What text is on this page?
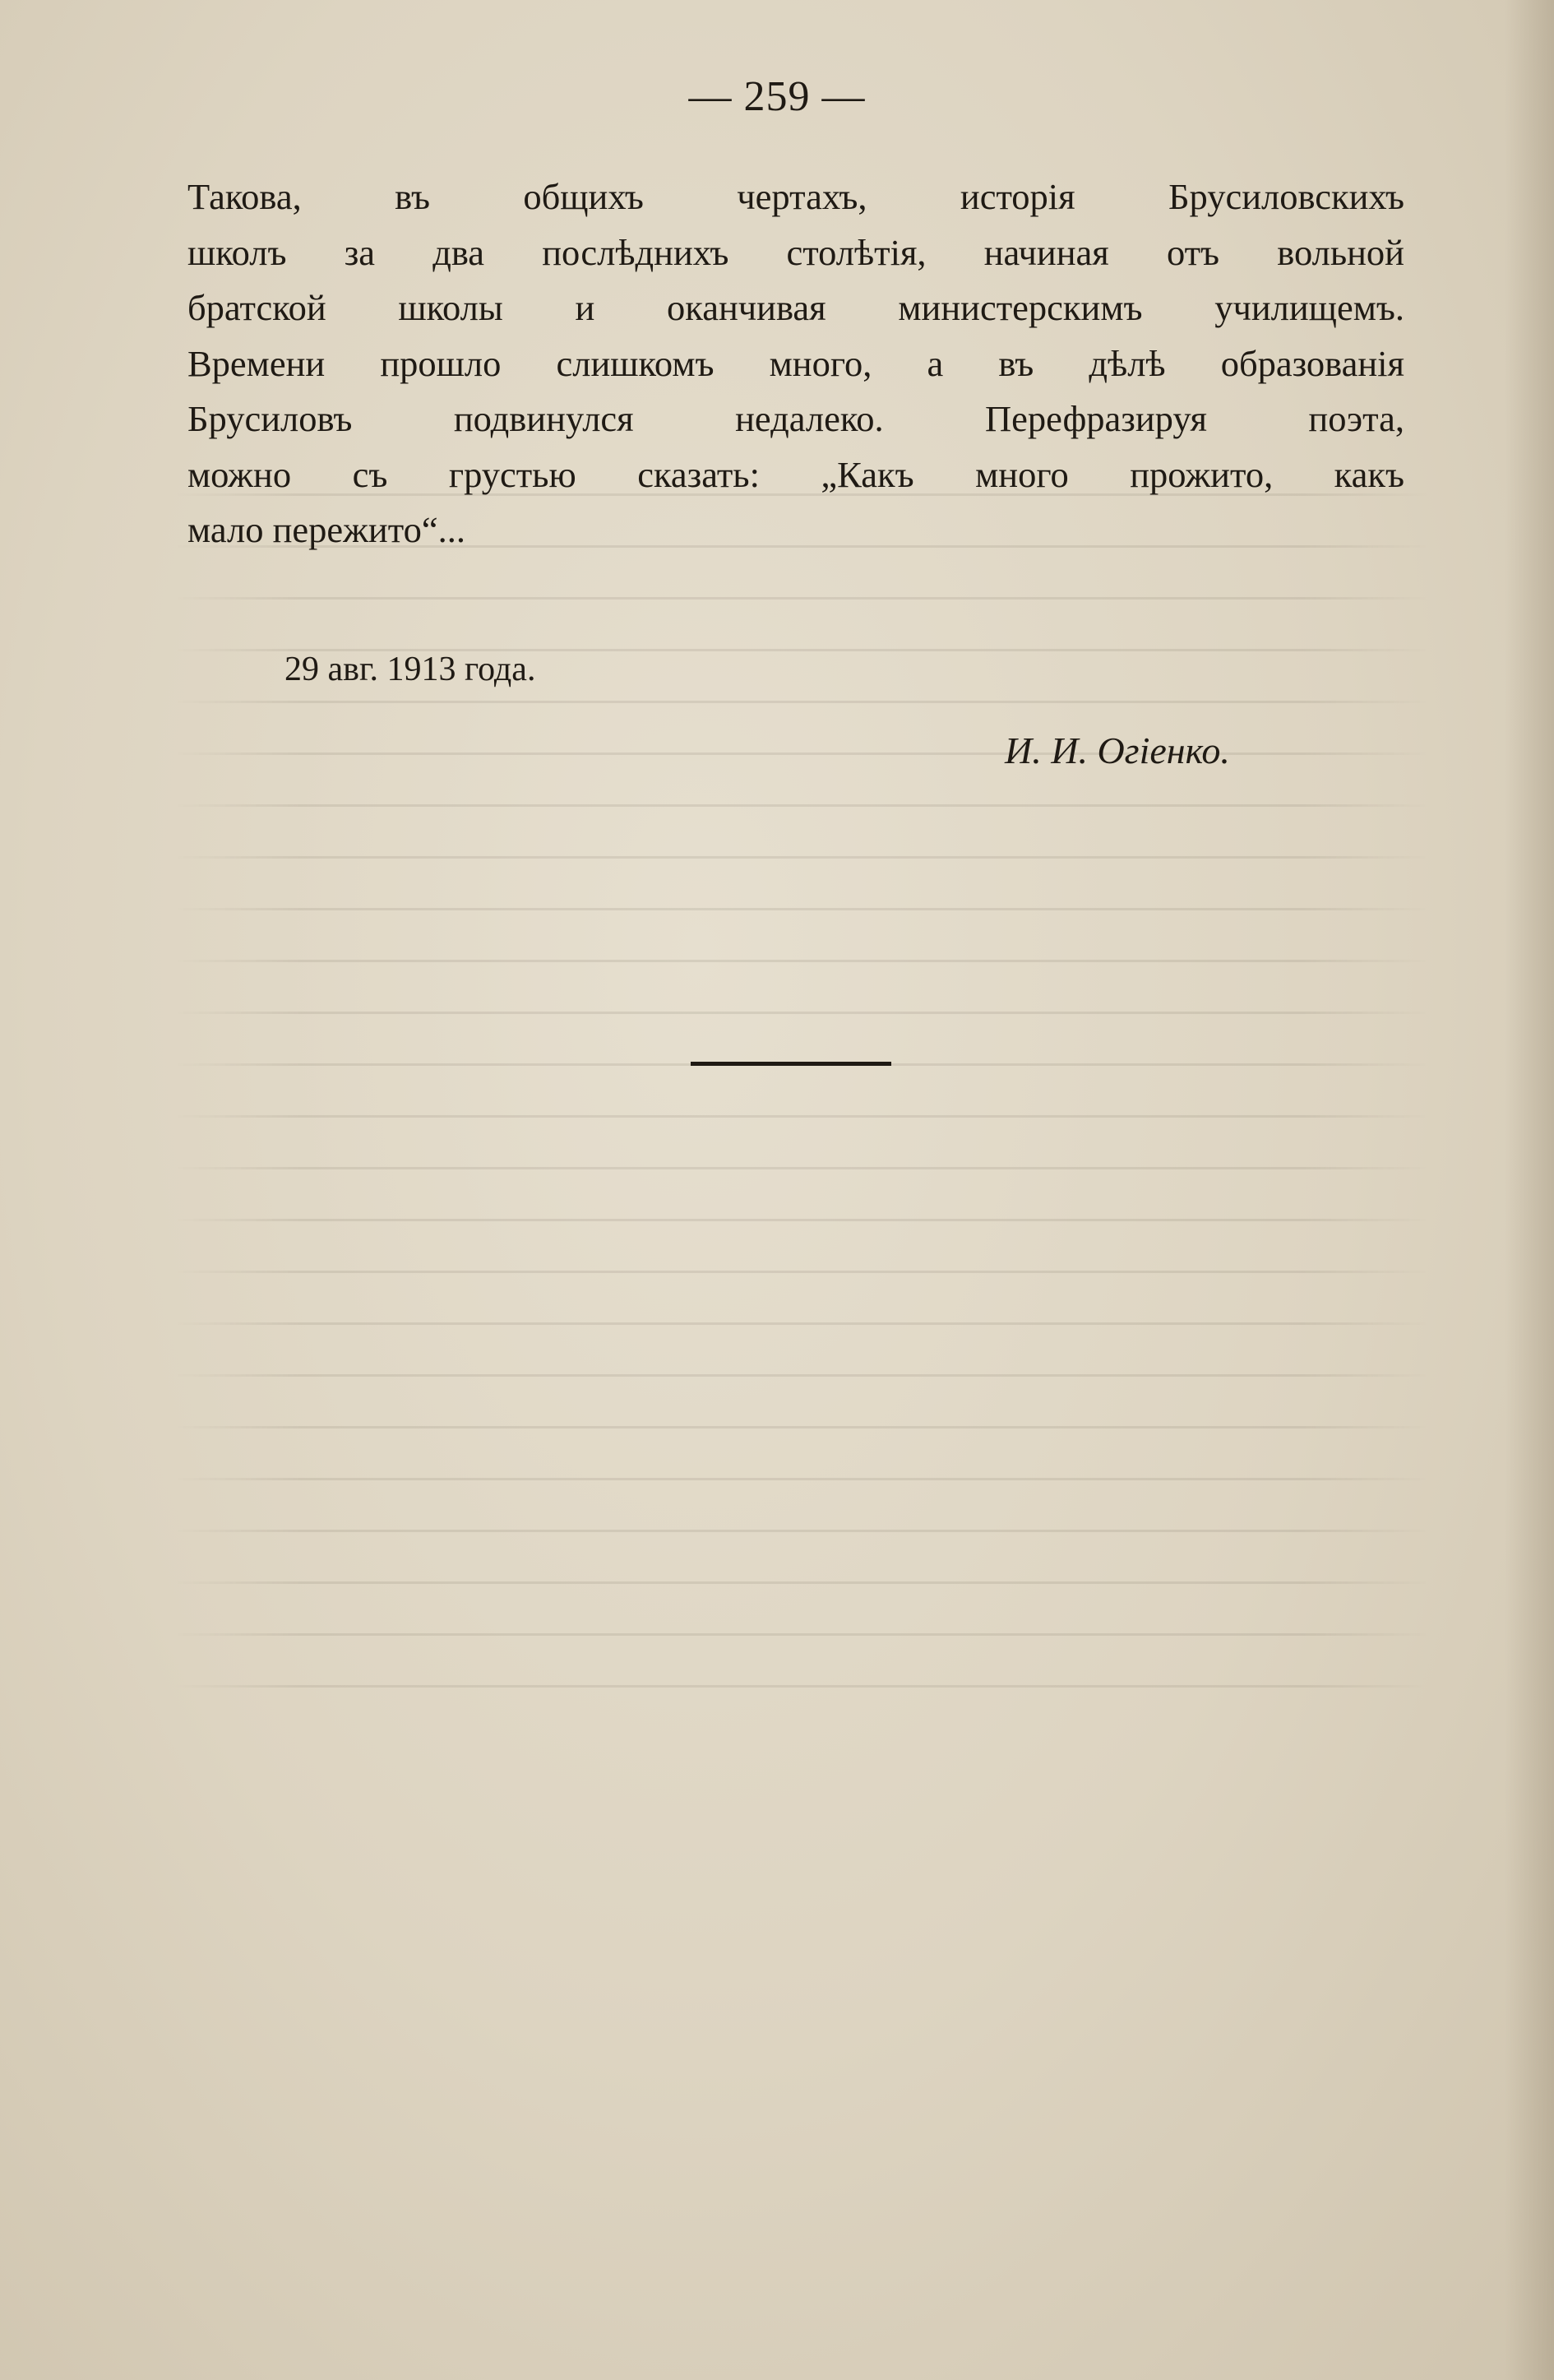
— 259 —
Такова, въ общихъ чертахъ, исторія Брусиловскихъ
школъ за два послѣднихъ столѣтія, начиная отъ вольной
братской школы и оканчивая министерскимъ училищемъ.
Времени прошло слишкомъ много, а въ дѣлѣ образованія
Брусиловъ подвинулся недалеко. Перефразируя поэта,
можно съ грустью сказать: „Какъ много прожито, какъ
мало пережито“...
29 авг. 1913 года.
И. И. Огіенко.
